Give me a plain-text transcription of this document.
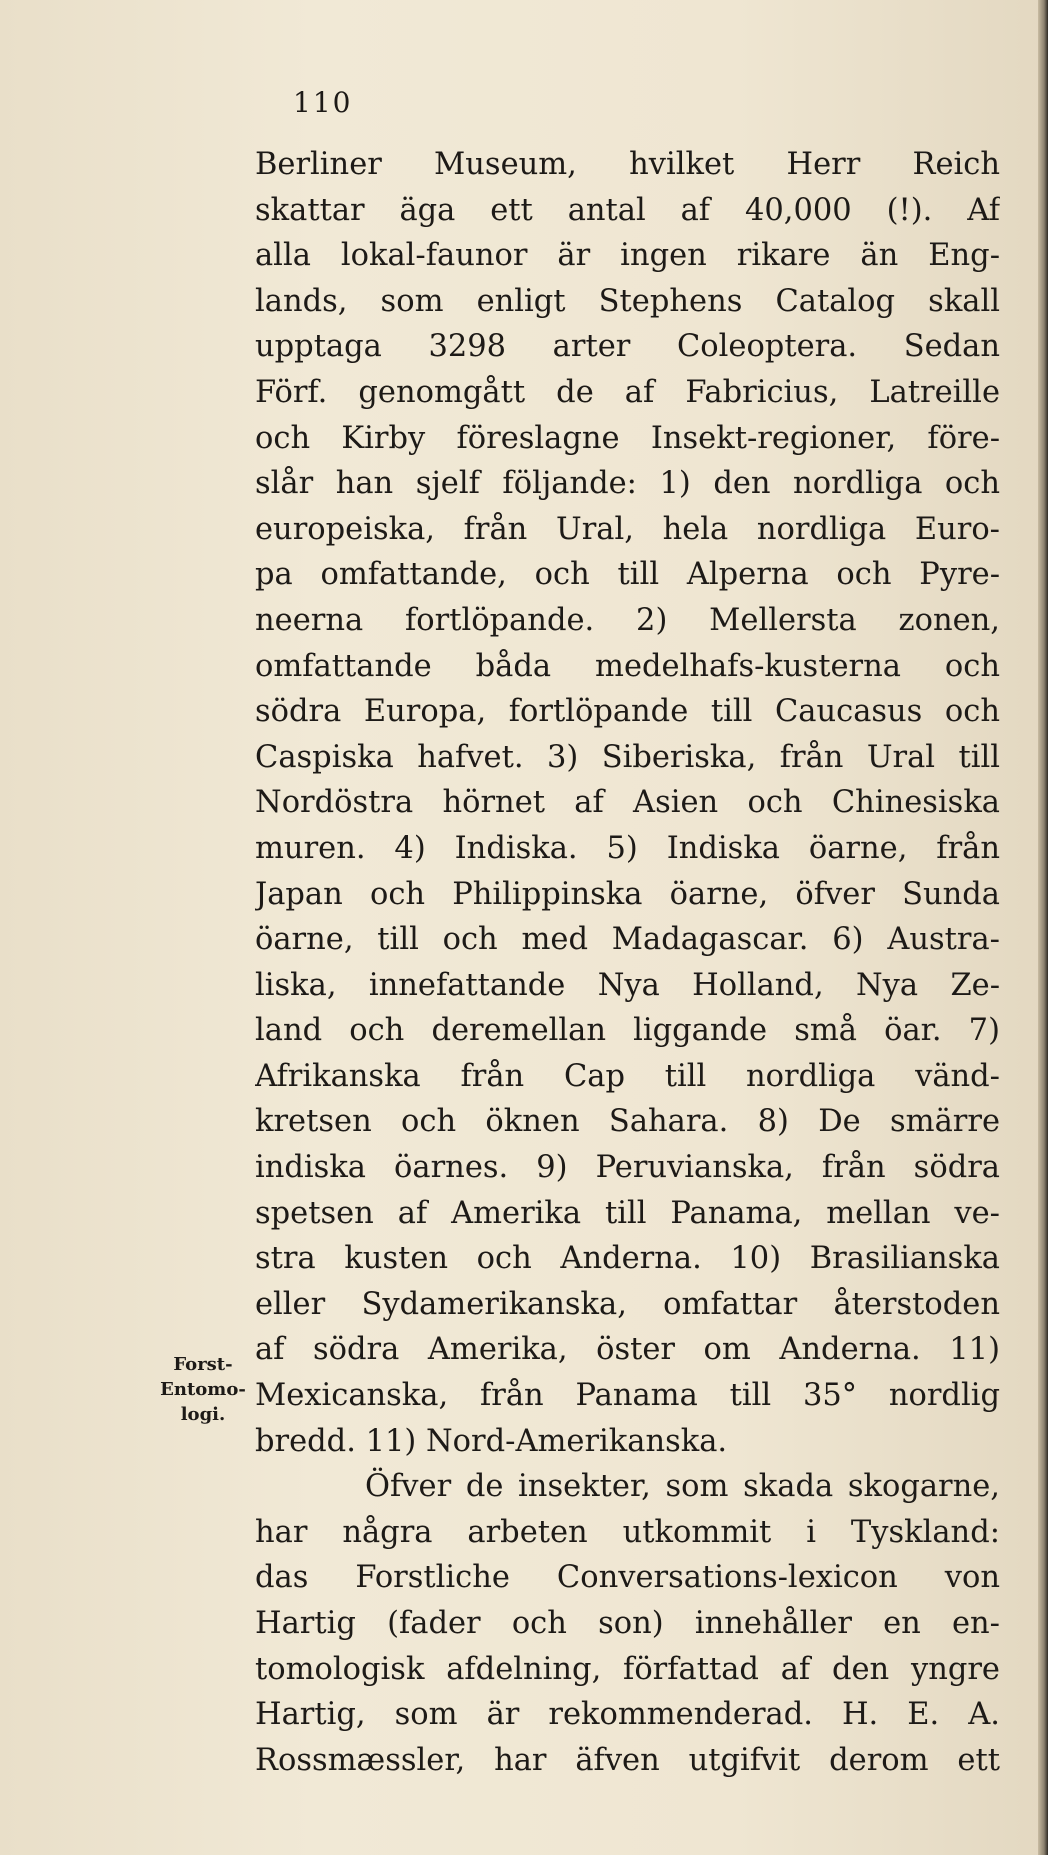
110

Forst-
Entomo-
logi.

Berliner Museum, hvilket Herr Reich
skattar äga ett antal af 40,000 (!). Af
alla lokal-faunor är ingen rikare än Eng-
lands, som enligt Stephens Catalog skall
upptaga 3298 arter Coleoptera. Sedan
Förf. genomgått de af Fabricius, Latreille
och Kirby föreslagne Insekt-regioner, före-
slår han sjelf följande: 1) den nordliga och
europeiska, från Ural, hela nordliga Euro-
pa omfattande, och till Alperna och Pyre-
neerna fortlöpande. 2) Mellersta zonen,
omfattande båda medelhafs-kusterna och
södra Europa, fortlöpande till Caucasus och
Caspiska hafvet. 3) Siberiska, från Ural till
Nordöstra hörnet af Asien och Chinesiska
muren. 4) Indiska. 5) Indiska öarne, från
Japan och Philippinska öarne, öfver Sunda
öarne, till och med Madagascar. 6) Austra-
liska, innefattande Nya Holland, Nya Ze-
land och deremellan liggande små öar. 7)
Afrikanska från Cap till nordliga vänd-
kretsen och öknen Sahara. 8) De smärre
indiska öarnes. 9) Peruvianska, från södra
spetsen af Amerika till Panama, mellan ve-
stra kusten och Anderna. 10) Brasilianska
eller Sydamerikanska, omfattar återstoden
af södra Amerika, öster om Anderna. 11)
Mexicanska, från Panama till 35° nordlig
bredd. 11) Nord-Amerikanska.
Öfver de insekter, som skada skogarne,
har några arbeten utkommit i Tyskland:
das Forstliche Conversations-lexicon von
Hartig (fader och son) innehåller en en-
tomologisk afdelning, författad af den yngre
Hartig, som är rekommenderad. H. E. A.
Rossmæssler, har äfven utgifvit derom ett
